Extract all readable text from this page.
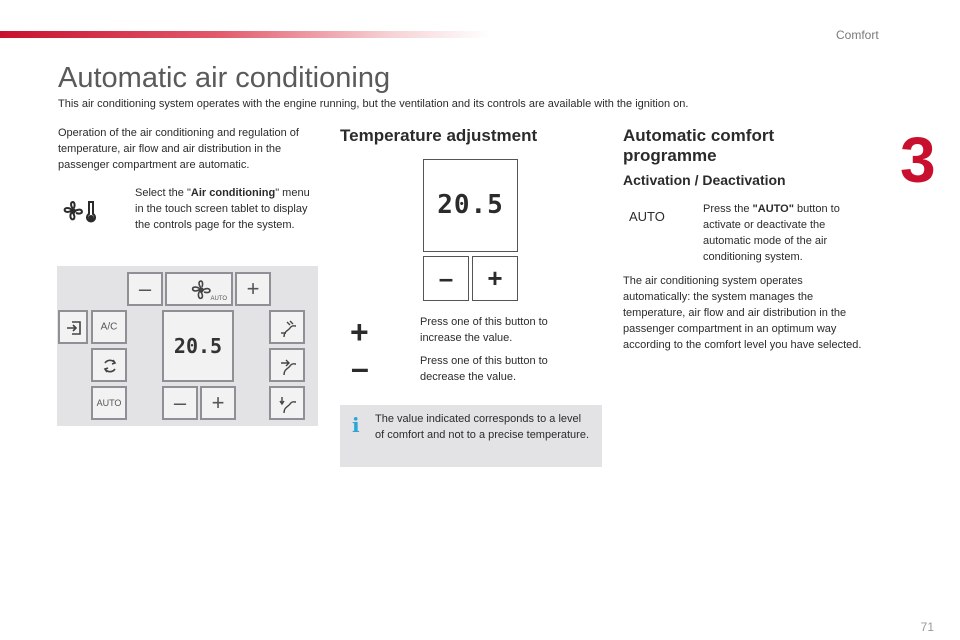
Comfort
3
Automatic air conditioning

This air conditioning system operates with the engine running, but the ventilation and its controls are available with the ignition on.

Operation of the air conditioning and regulation of temperature, air flow and air distribution in the passenger compartment are automatic.

Select the "Air conditioning" menu in the touch screen tablet to display the controls page for the system.
–	AUTO +
A/C
AUTO
20.5
–	+
Temperature adjustment
20.5
–	+
+	Press one of this button to increase the value.
–	Press one of this button to decrease the value.
i The value indicated corresponds to a level of comfort and not to a precise temperature.

Automatic comfort programme
Activation / Deactivation
AUTO	Press the "AUTO" button to activate or deactivate the automatic mode of the air conditioning system.

The air conditioning system operates automatically: the system manages the temperature, air flow and air distribution in the passenger compartment in an optimum way according to the comfort level you have selected.

71
